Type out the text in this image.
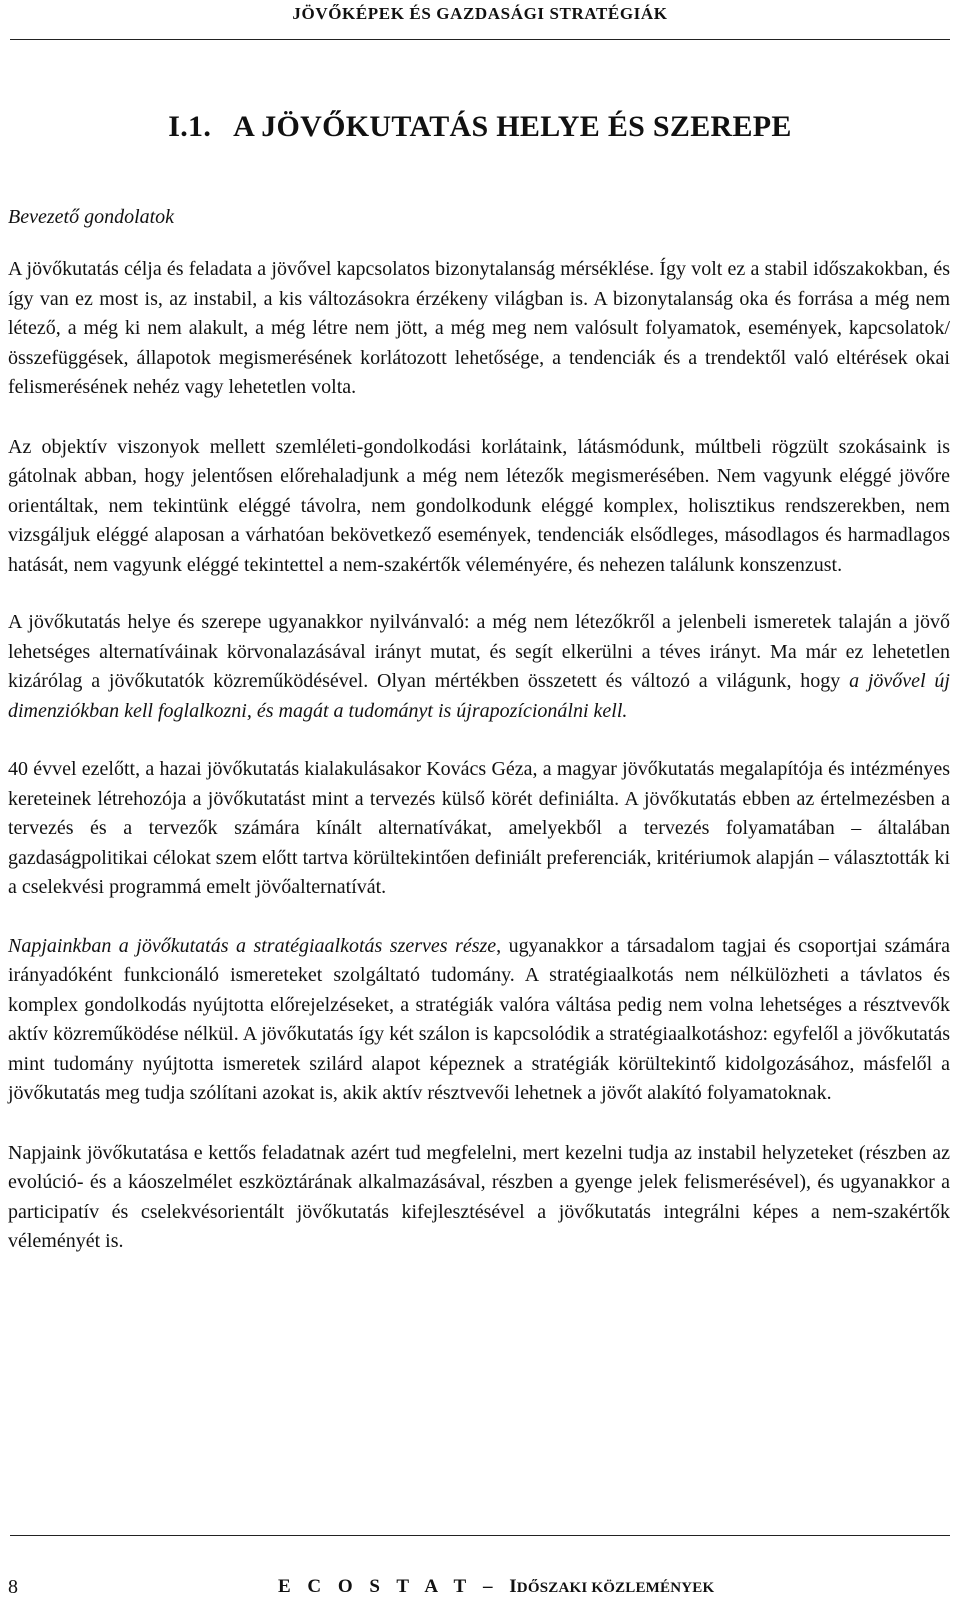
JÖVŐKÉPEK ÉS GAZDASÁGI STRATÉGIÁK
I.1. A JÖVŐKUTATÁS HELYE ÉS SZEREPE
Bevezető gondolatok

A jövőkutatás célja és feladata a jövővel kapcsolatos bizonytalanság mérséklése. Így volt ez a stabil időszakokban, és így van ez most is, az instabil, a kis változásokra érzékeny világban is. A bizonytalanság oka és forrása a még nem létező, a még ki nem alakult, a még létre nem jött, a még meg nem valósult folyamatok, események, kapcsolatok/összefüggések, állapotok megismerésének korlátozott lehetősége, a tendenciák és a trendektől való eltérések okai felismerésének nehéz vagy lehetetlen volta.

Az objektív viszonyok mellett szemléleti-gondolkodási korlátaink, látásmódunk, múltbeli rögzült szokásaink is gátolnak abban, hogy jelentősen előrehaladjunk a még nem létezők megismerésében. Nem vagyunk eléggé jövőre orientáltak, nem tekintünk eléggé távolra, nem gondolkodunk eléggé komplex, holisztikus rendszerekben, nem vizsgáljuk eléggé alaposan a várhatóan bekövetkező események, tendenciák elsődleges, másodlagos és harmadlagos hatását, nem vagyunk eléggé tekintettel a nem-szakértők véleményére, és nehezen találunk konszenzust.

A jövőkutatás helye és szerepe ugyanakkor nyilvánvaló: a még nem létezőkről a jelenbeli ismeretek talaján a jövő lehetséges alternatíváinak körvonalazásával irányt mutat, és segít elkerülni a téves irányt. Ma már ez lehetetlen kizárólag a jövőkutatók közreműködésével. Olyan mértékben összetett és változó a világunk, hogy a jövővel új dimenziókban kell foglalkozni, és magát a tudományt is újrapozícionálni kell.

40 évvel ezelőtt, a hazai jövőkutatás kialakulásakor Kovács Géza, a magyar jövőkutatás megalapítója és intézményes kereteinek létrehozója a jövőkutatást mint a tervezés külső körét definiálta. A jövőkutatás ebben az értelmezésben a tervezés és a tervezők számára kínált alternatívákat, amelyekből a tervezés folyamatában – általában gazdaságpolitikai célokat szem előtt tartva körültekintően definiált preferenciák, kritériumok alapján – választották ki a cselekvési programmá emelt jövőalternatívát.

Napjainkban a jövőkutatás a stratégiaalkotás szerves része, ugyanakkor a társadalom tagjai és csoportjai számára irányadóként funkcionáló ismereteket szolgáltató tudomány. A stratégiaalkotás nem nélkülözheti a távlatos és komplex gondolkodás nyújtotta előrejelzéseket, a stratégiák valóra váltása pedig nem volna lehetséges a résztvevők aktív közreműködése nélkül. A jövőkutatás így két szálon is kapcsolódik a stratégiaalkotáshoz: egyfelől a jövőkutatás mint tudomány nyújtotta ismeretek szilárd alapot képeznek a stratégiák körültekintő kidolgozásához, másfelől a jövőkutatás meg tudja szólítani azokat is, akik aktív résztvevői lehetnek a jövőt alakító folyamatoknak.

Napjaink jövőkutatása e kettős feladatnak azért tud megfelelni, mert kezelni tudja az instabil helyzeteket (részben az evolúció- és a káoszelmélet eszköztárának alkalmazásával, részben a gyenge jelek felismerésével), és ugyanakkor a participatív és cselekvésorientált jövőkutatás kifejlesztésével a jövőkutatás integrálni képes a nem-szakértők véleményét is.

8	E C O S T A T – IDŐSZAKI KÖZLEMÉNYEK
